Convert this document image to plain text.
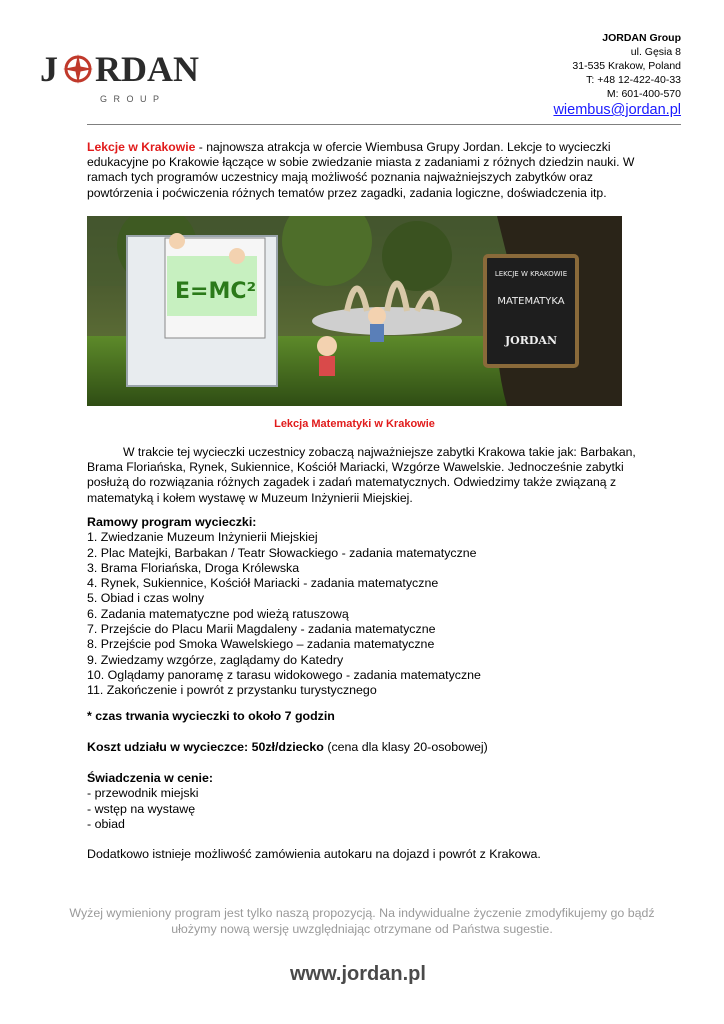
J RDAN
G R O U P
JORDAN Group
ul. Gęsia 8
31-535 Krakow, Poland
T: +48 12-422-40-33
M: 601-400-570
wiembus@jordan.pl
Lekcje w Krakowie - najnowsza atrakcja w ofercie Wiembusa Grupy Jordan. Lekcje to wycieczki edukacyjne po Krakowie łączące w sobie zwiedzanie miasta z zadaniami z różnych dziedzin nauki. W ramach tych programów uczestnicy mają możliwość poznania najważniejszych zabytków oraz powtórzenia i poćwiczenia różnych tematów przez zagadki, zadania logiczne, doświadczenia itp.
E=MC²
LEKCJE W KRAKOWIE
MATEMATYKA
JORDAN
Lekcja Matematyki w Krakowie
W trakcie tej wycieczki uczestnicy zobaczą najważniejsze zabytki Krakowa takie jak: Barbakan, Brama Floriańska, Rynek, Sukiennice, Kościół Mariacki, Wzgórze Wawelskie. Jednocześnie zabytki posłużą do rozwiązania różnych zagadek i zadań matematycznych. Odwiedzimy także związaną z matematyką i kołem wystawę w Muzeum Inżynierii Miejskiej.
Ramowy program wycieczki:
1. Zwiedzanie Muzeum Inżynierii Miejskiej
2. Plac Matejki, Barbakan / Teatr Słowackiego - zadania matematyczne
3. Brama Floriańska, Droga Królewska
4. Rynek, Sukiennice, Kościół Mariacki - zadania matematyczne
5. Obiad i czas wolny
6. Zadania matematyczne pod wieżą ratuszową
7. Przejście do Placu Marii Magdaleny - zadania matematyczne
8. Przejście pod Smoka Wawelskiego – zadania matematyczne
9. Zwiedzamy wzgórze, zaglądamy do Katedry
10. Oglądamy panoramę z tarasu widokowego - zadania matematyczne
11. Zakończenie i powrót z przystanku turystycznego
* czas trwania wycieczki to około 7 godzin
Koszt udziału w wycieczce: 50zł/dziecko (cena dla klasy 20-osobowej)
Świadczenia w cenie:
- przewodnik miejski
- wstęp na wystawę
- obiad
Dodatkowo istnieje możliwość zamówienia autokaru na dojazd i powrót z Krakowa.
Wyżej wymieniony program jest tylko naszą propozycją. Na indywidualne życzenie zmodyfikujemy go bądź ułożymy nową wersję uwzględniając otrzymane od Państwa sugestie.
www.jordan.pl
